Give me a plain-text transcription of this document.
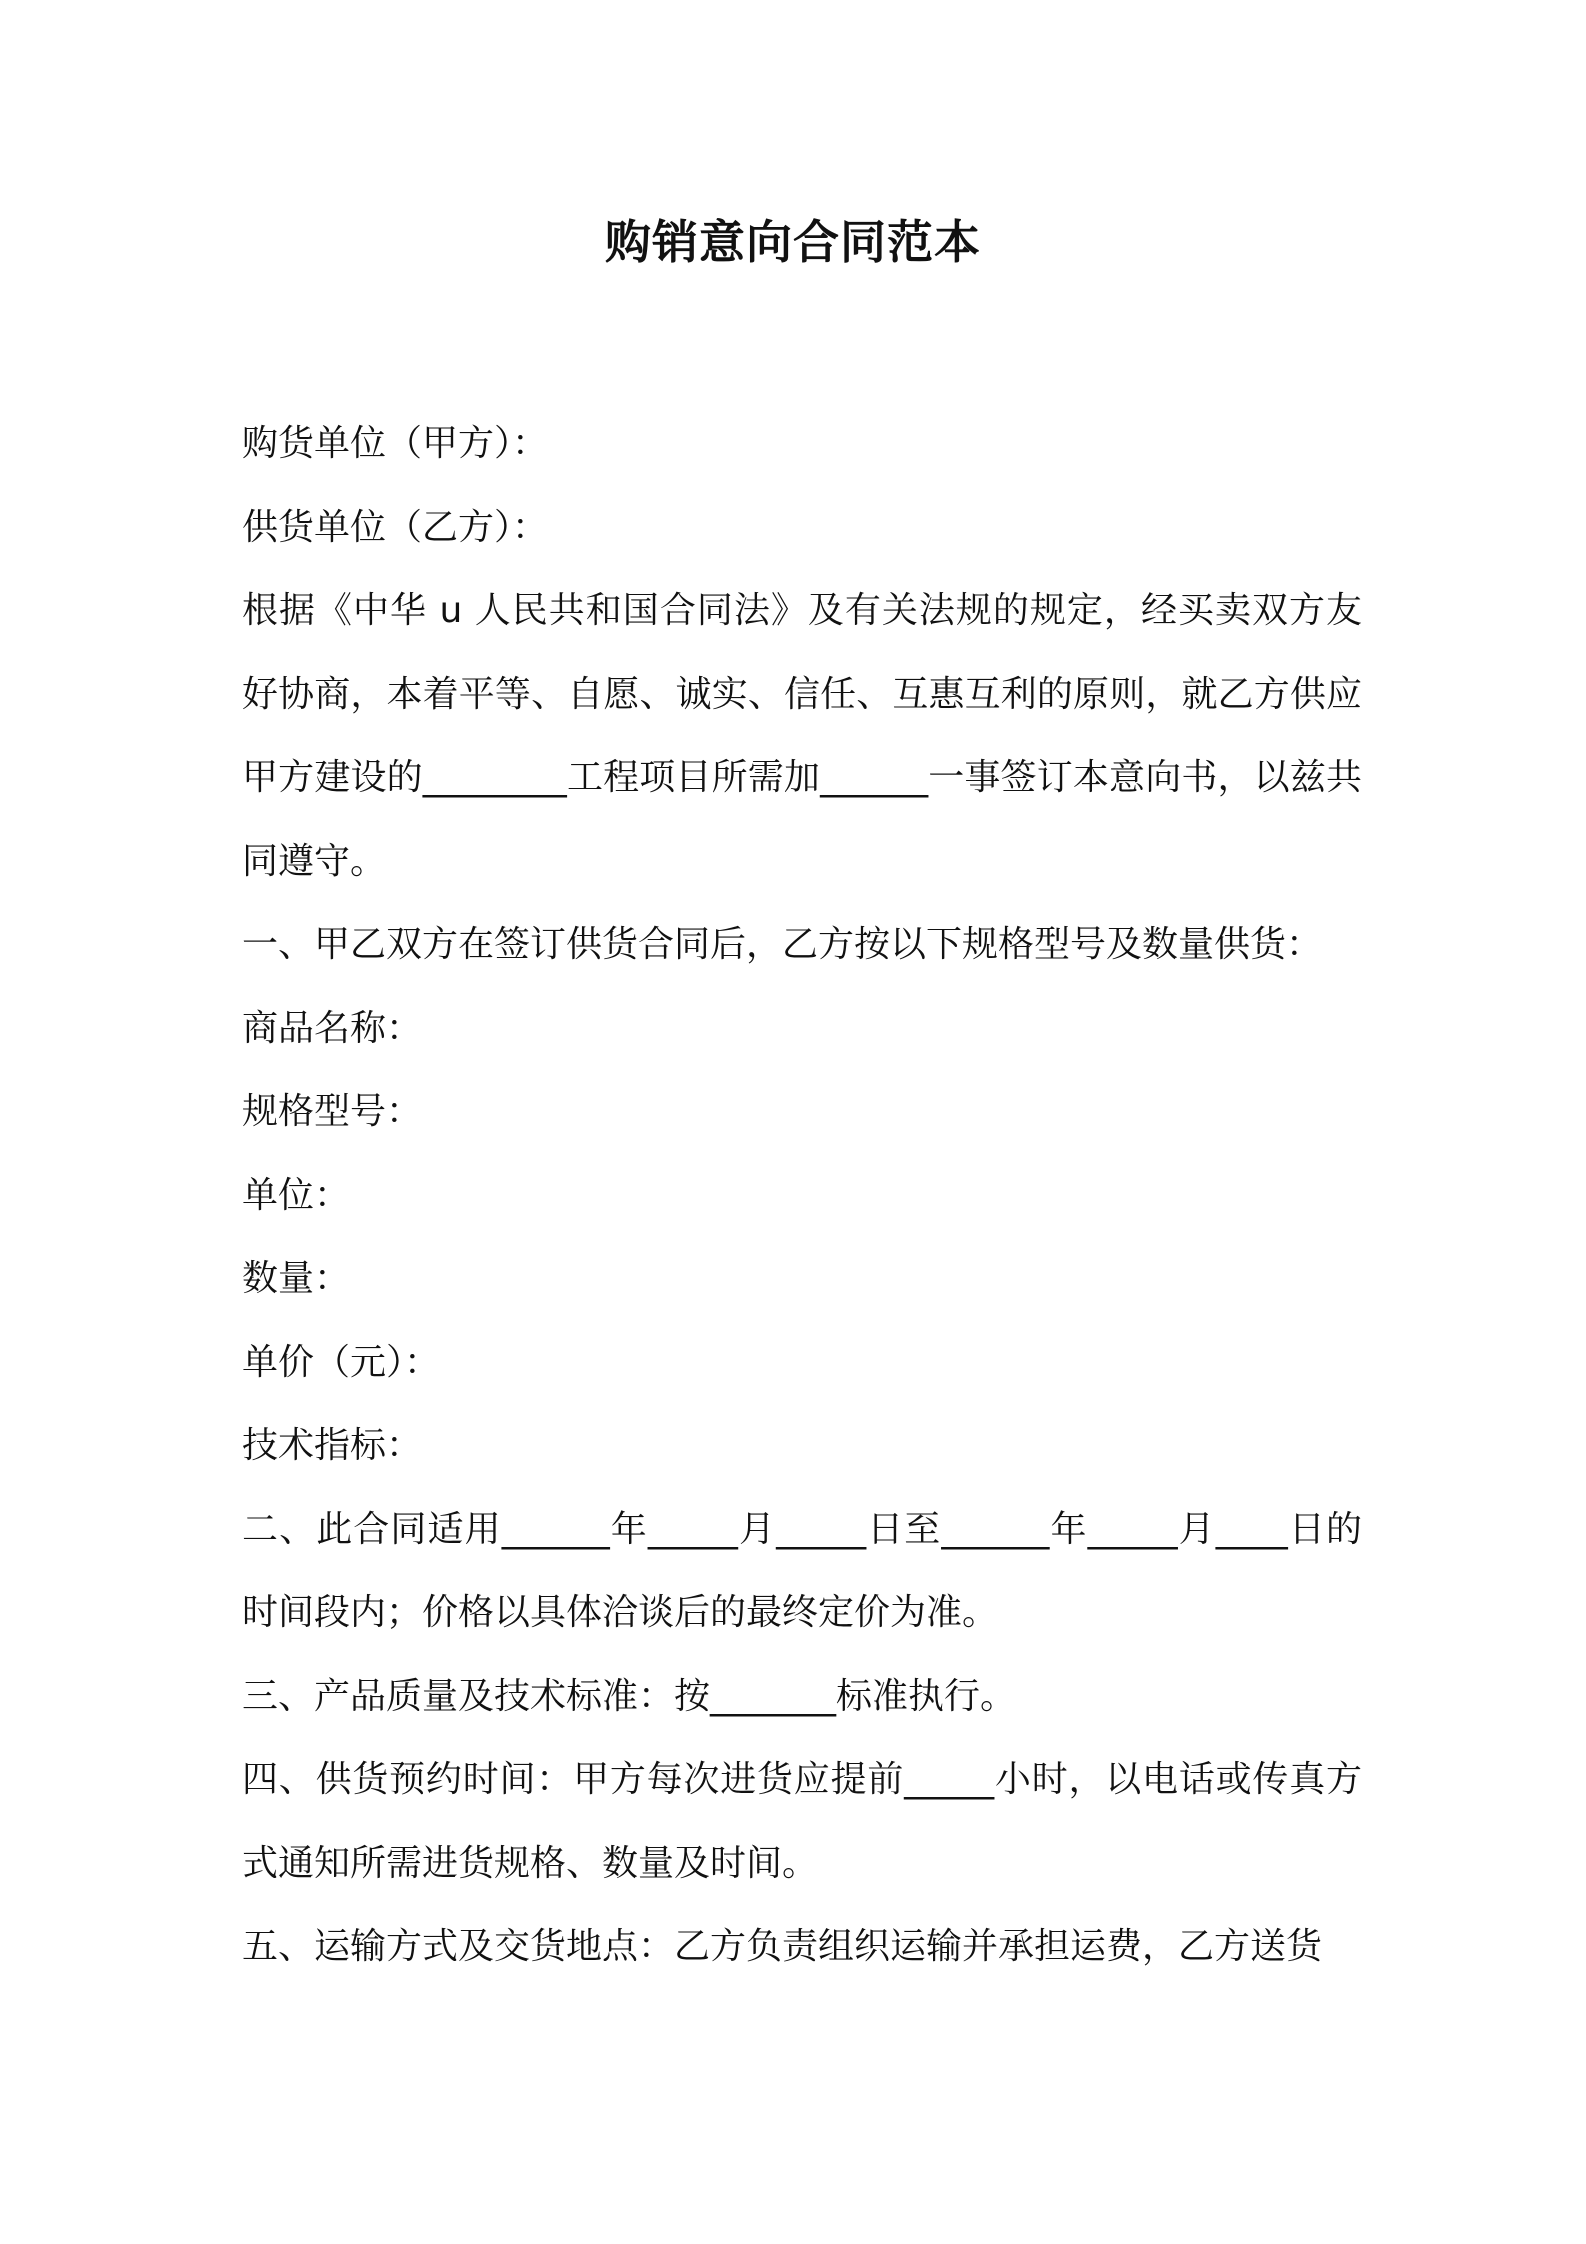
购销意向合同范本

购货单位（甲方）：

供货单位（乙方）：

根据《中华 u 人民共和国合同法》及有关法规的规定，经买卖双方友好协商，本着平等、自愿、诚实、信任、互惠互利的原则，就乙方供应甲方建设的________工程项目所需加______一事签订本意向书，以兹共同遵守。

一、甲乙双方在签订供货合同后，乙方按以下规格型号及数量供货：

商品名称：

规格型号：

单位：

数量：

单价（元）：

技术指标：

二、此合同适用______年_____月_____日至______年_____月____日的时间段内；价格以具体洽谈后的最终定价为准。

三、产品质量及技术标准：按_______标准执行。

四、供货预约时间：甲方每次进货应提前_____小时，以电话或传真方式通知所需进货规格、数量及时间。

五、运输方式及交货地点：乙方负责组织运输并承担运费，乙方送货
